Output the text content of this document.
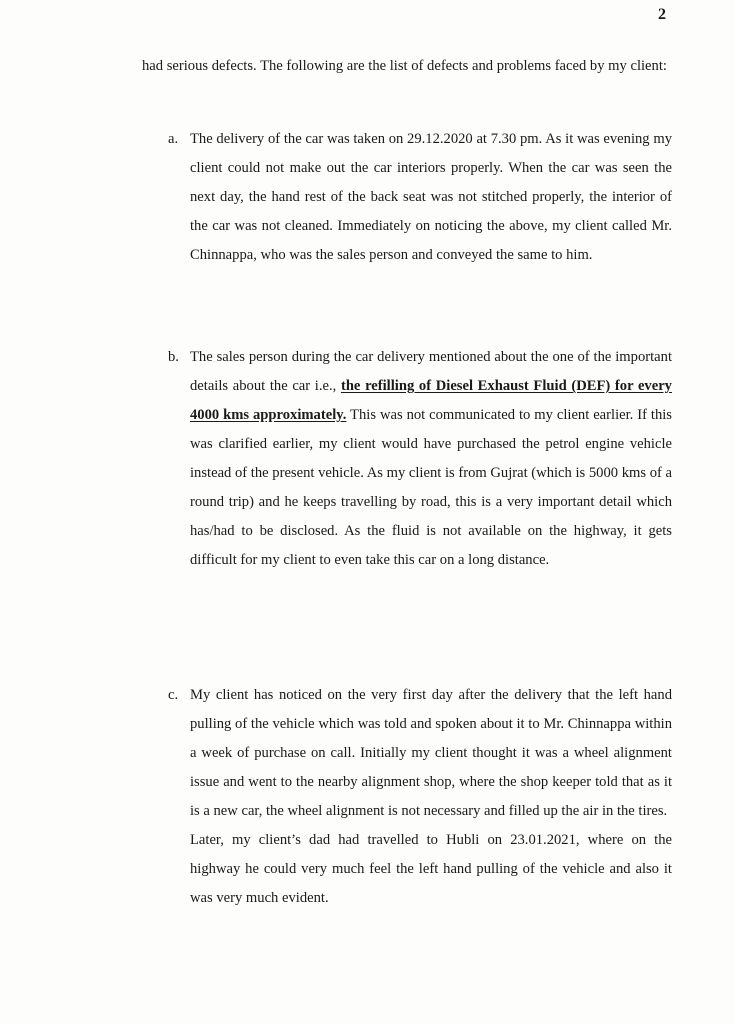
2

had serious defects. The following are the list of defects and problems faced by my client:

a. The delivery of the car was taken on 29.12.2020 at 7.30 pm. As it was evening my client could not make out the car interiors properly. When the car was seen the next day, the hand rest of the back seat was not stitched properly, the interior of the car was not cleaned. Immediately on noticing the above, my client called Mr. Chinnappa, who was the sales person and conveyed the same to him.

b. The sales person during the car delivery mentioned about the one of the important details about the car i.e., the refilling of Diesel Exhaust Fluid (DEF) for every 4000 kms approximately. This was not communicated to my client earlier. If this was clarified earlier, my client would have purchased the petrol engine vehicle instead of the present vehicle. As my client is from Gujrat (which is 5000 kms of a round trip) and he keeps travelling by road, this is a very important detail which has/had to be disclosed. As the fluid is not available on the highway, it gets difficult for my client to even take this car on a long distance.

c. My client has noticed on the very first day after the delivery that the left hand pulling of the vehicle which was told and spoken about it to Mr. Chinnappa within a week of purchase on call. Initially my client thought it was a wheel alignment issue and went to the nearby alignment shop, where the shop keeper told that as it is a new car, the wheel alignment is not necessary and filled up the air in the tires.

Later, my client’s dad had travelled to Hubli on 23.01.2021, where on the highway he could very much feel the left hand pulling of the vehicle and also it was very much evident.
